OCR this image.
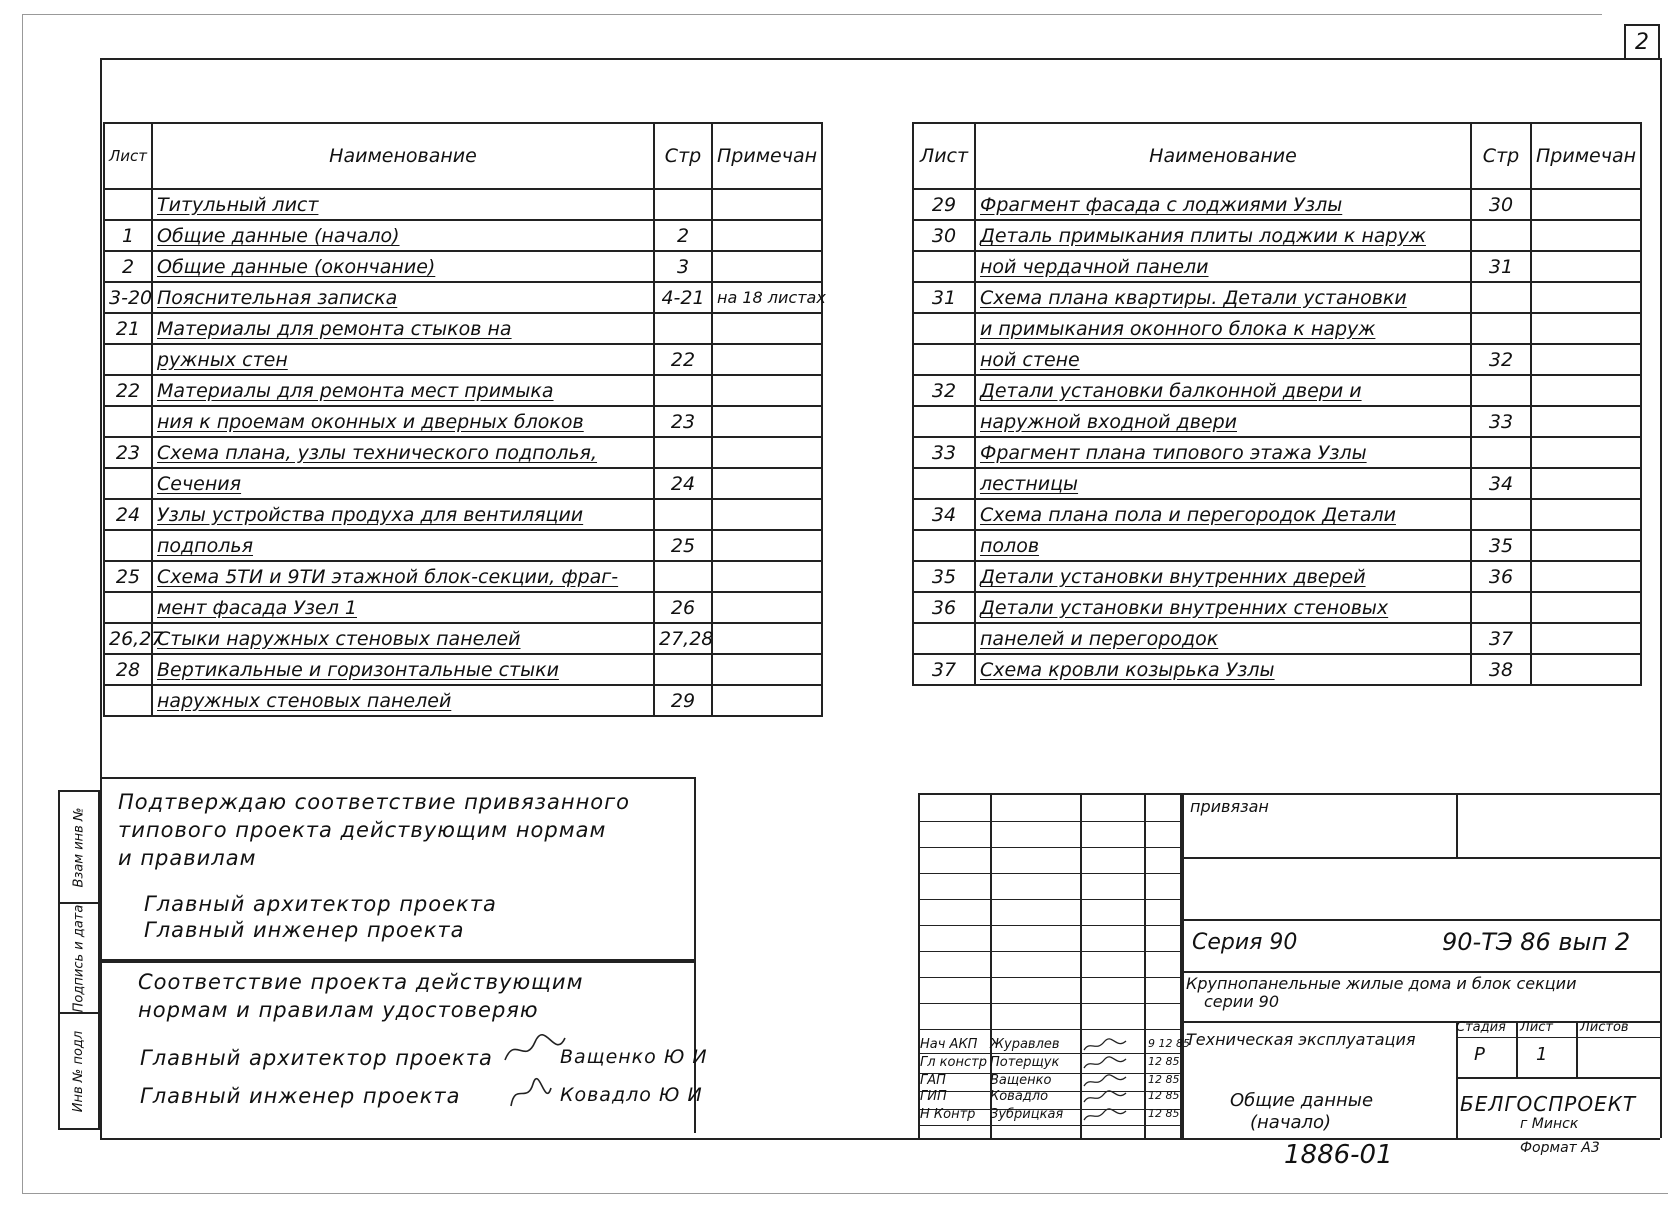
2
Лист	Наименование	Стр	Примечан
	Титульный лист		
1	Общие данные (начало)	2	
2	Общие данные (окончание)	3	
3-20	Пояснительная записка	4-21	на 18 листах
21	Материалы для ремонта стыков на		
	ружных стен	22	
22	Материалы для ремонта мест примыка		
	ния к проемам оконных и дверных блоков	23	
23	Схема плана, узлы технического подполья,		
	Сечения	24	
24	Узлы устройства продуха для вентиляции		
	подполья	25	
25	Схема 5ТИ и 9ТИ этажной блок-секции, фраг-		
	мент фасада Узел 1	26	
26,27	Стыки наружных стеновых панелей	27,28	
28	Вертикальные и горизонтальные стыки		
	наружных стеновых панелей	29	
Лист	Наименование	Стр	Примечан
29	Фрагмент фасада с лоджиями Узлы	30	
30	Деталь примыкания плиты лоджии к наруж		
	ной чердачной панели	31	
31	Схема плана квартиры. Детали установки		
	и примыкания оконного блока к наруж		
	ной стене	32	
32	Детали установки балконной двери и		
	наружной входной двери	33	
33	Фрагмент плана типового этажа Узлы		
	лестницы	34	
34	Схема плана пола и перегородок Детали		
	полов	35	
35	Детали установки внутренних дверей	36	
36	Детали установки внутренних стеновых		
	панелей и перегородок	37	
37	Схема кровли козырька Узлы	38	
Взам инв №
Подпись и дата
Инв № подл
Подтверждаю соответствие привязанного
типового проекта действующим нормам
и правилам
Главный архитектор проекта
Главный инженер проекта
Соответствие проекта действующим
нормам и правилам удостоверяю
Главный архитектор проекта	Ващенко Ю И
Главный инженер проекта	Ковадло Ю И
Нач АКП Журавлев	9 12 85
Гл констр Потерщук	12 85
ГАП	Ващенко	12 85
ГИП	Ковадло	12 85
Н Контр Зубрицкая	12 85
привязан
Серия 90	90-ТЭ 86 вып 2
Крупнопанельные жилые дома и блок секции
серии 90
Техническая эксплуатация
Стадия Лист Листов
Р	1
Общие данные
(начало)
БЕЛГОСПРОЕКТ
г Минск
1886-01	Формат А3
